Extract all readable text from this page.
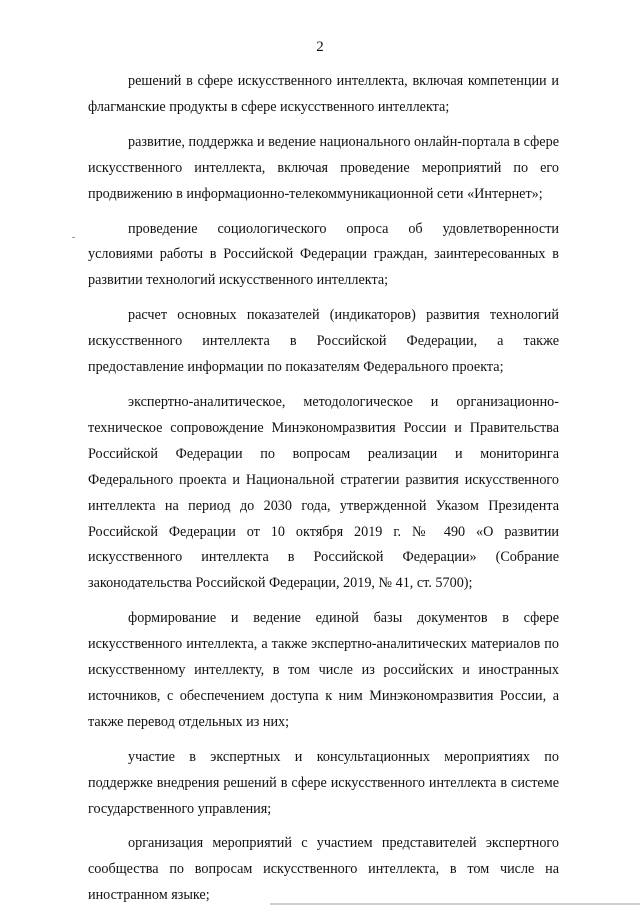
2

решений в сфере искусственного интеллекта, включая компетенции и флагманские продукты в сфере искусственного интеллекта;

развитие, поддержка и ведение национального онлайн-портала в сфере искусственного интеллекта, включая проведение мероприятий по его продвижению в информационно-телекоммуникационной сети «Интернет»;

проведение социологического опроса об удовлетворенности условиями работы в Российской Федерации граждан, заинтересованных в развитии технологий искусственного интеллекта;

расчет основных показателей (индикаторов) развития технологий искусственного интеллекта в Российской Федерации, а также предоставление информации по показателям Федерального проекта;

экспертно-аналитическое, методологическое и организационно-техническое сопровождение Минэкономразвития России и Правительства Российской Федерации по вопросам реализации и мониторинга Федерального проекта и Национальной стратегии развития искусственного интеллекта на период до 2030 года, утвержденной Указом Президента Российской Федерации от 10 октября 2019 г. № 490 «О развитии искусственного интеллекта в Российской Федерации» (Собрание законодательства Российской Федерации, 2019, № 41, ст. 5700);

формирование и ведение единой базы документов в сфере искусственного интеллекта, а также экспертно-аналитических материалов по искусственному интеллекту, в том числе из российских и иностранных источников, с обеспечением доступа к ним Минэкономразвития России, а также перевод отдельных из них;

участие в экспертных и консультационных мероприятиях по поддержке внедрения решений в сфере искусственного интеллекта в системе государственного управления;

организация мероприятий с участием представителей экспертного сообщества по вопросам искусственного интеллекта, в том числе на иностранном языке;
